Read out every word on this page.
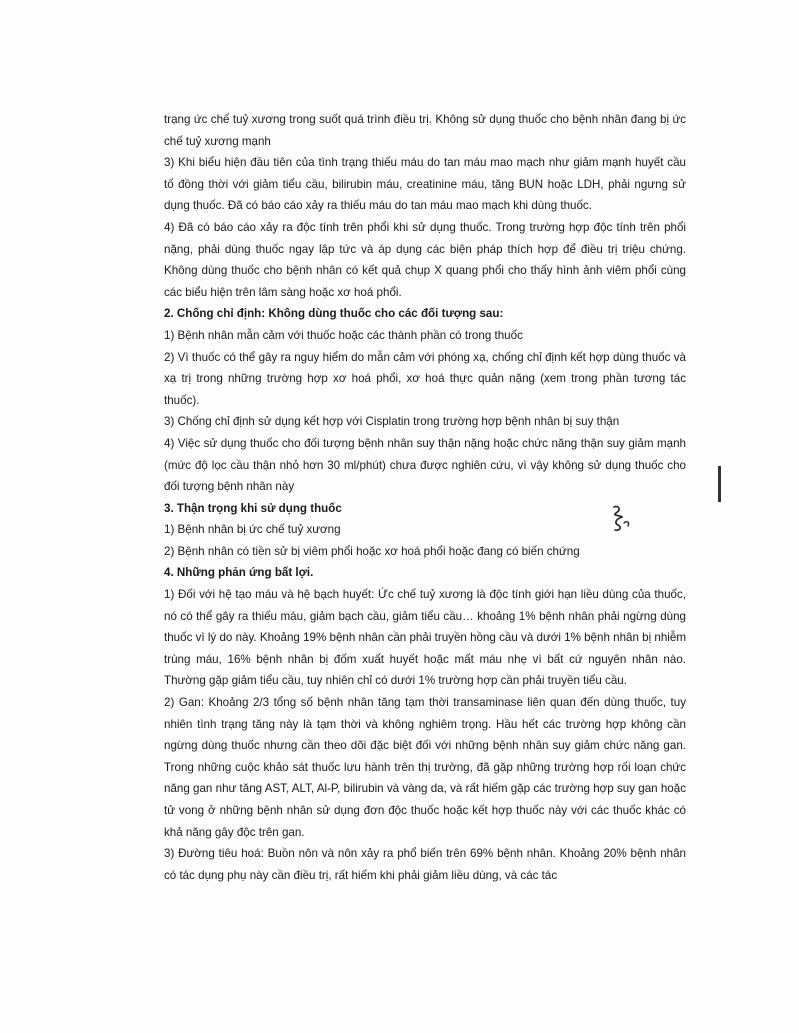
trạng ức chế tuỷ xương trong suốt quá trình điều trị. Không sử dụng thuốc cho bệnh nhân đang bị ức chế tuỷ xương mạnh

3) Khi biểu hiện đầu tiên của tình trạng thiếu máu do tan máu mao mạch như giảm mạnh huyết cầu tố đồng thời với giảm tiểu cầu, bilirubin máu, creatinine máu, tăng BUN hoặc LDH, phải ngưng sử dụng thuốc. Đã có báo cáo xảy ra thiếu máu do tan máu mao mạch khi dùng thuốc.

4) Đã có báo cáo xảy ra độc tính trên phổi khi sử dụng thuốc. Trong trường hợp độc tính trên phổi nặng, phải dùng thuốc ngay lập tức và áp dụng các biện pháp thích hợp để điều trị triệu chứng. Không dùng thuốc cho bệnh nhân có kết quả chụp X quang phổi cho thấy hình ảnh viêm phổi cùng các biểu hiện trên lâm sàng hoặc xơ hoá phổi.

2. Chống chỉ định: Không dùng thuốc cho các đối tượng sau:

1) Bệnh nhân mẫn cảm với thuốc hoặc các thành phần có trong thuốc

2) Vì thuốc có thể gây ra nguy hiểm do mẫn cảm với phóng xạ, chống chỉ định kết hợp dùng thuốc và xạ trị trong những trường hợp xơ hoá phổi, xơ hoá thực quản nặng (xem trong phần tương tác thuốc).

3) Chống chỉ định sử dụng kết hợp với Cisplatin trong trường hợp bệnh nhân bị suy thận

4) Việc sử dụng thuốc cho đối tượng bệnh nhân suy thận nặng hoặc chức năng thận suy giảm mạnh (mức độ lọc cầu thận nhỏ hơn 30 ml/phút) chưa được nghiên cứu, vì vậy không sử dụng thuốc cho đối tượng bệnh nhân này

3. Thận trọng khi sử dụng thuốc

1) Bệnh nhân bị ức chế tuỷ xương

2) Bệnh nhân có tiền sử bị viêm phổi hoặc xơ hoá phổi hoặc đang có biến chứng

4. Những phản ứng bất lợi.

1) Đối với hệ tạo máu và hệ bạch huyết: Ức chế tuỷ xương là độc tính giới hạn liều dùng của thuốc, nó có thể gây ra thiếu máu, giảm bạch cầu, giảm tiểu cầu… khoảng 1% bệnh nhân phải ngừng dùng thuốc vì lý do này. Khoảng 19% bệnh nhân cần phải truyền hồng cầu và dưới 1% bệnh nhân bị nhiễm trùng máu, 16% bệnh nhân bị đốm xuất huyết hoặc mất máu nhẹ vì bất cứ nguyên nhân nào. Thường gặp giảm tiểu cầu, tuy nhiên chỉ có dưới 1% trường hợp cần phải truyền tiểu cầu.

2) Gan: Khoảng 2/3 tổng số bệnh nhân tăng tạm thời transaminase liên quan đến dùng thuốc, tuy nhiên tình trạng tăng này là tạm thời và không nghiêm trọng. Hầu hết các trường hợp không cần ngừng dùng thuốc nhưng cần theo dõi đặc biệt đối với những bệnh nhân suy giảm chức năng gan. Trong những cuộc khảo sát thuốc lưu hành trên thị trường, đã gặp những trường hợp rối loạn chức năng gan như tăng AST, ALT, Al-P, bilirubin và vàng da, và rất hiếm gặp các trường hợp suy gan hoặc tử vong ở những bệnh nhân sử dụng đơn độc thuốc hoặc kết hợp thuốc này với các thuốc khác có khả năng gây độc trên gan.

3) Đường tiêu hoá: Buồn nôn và nôn xảy ra phổ biến trên 69% bệnh nhân. Khoảng 20% bệnh nhân có tác dụng phụ này cần điều trị, rất hiếm khi phải giảm liều dùng, và các tác
